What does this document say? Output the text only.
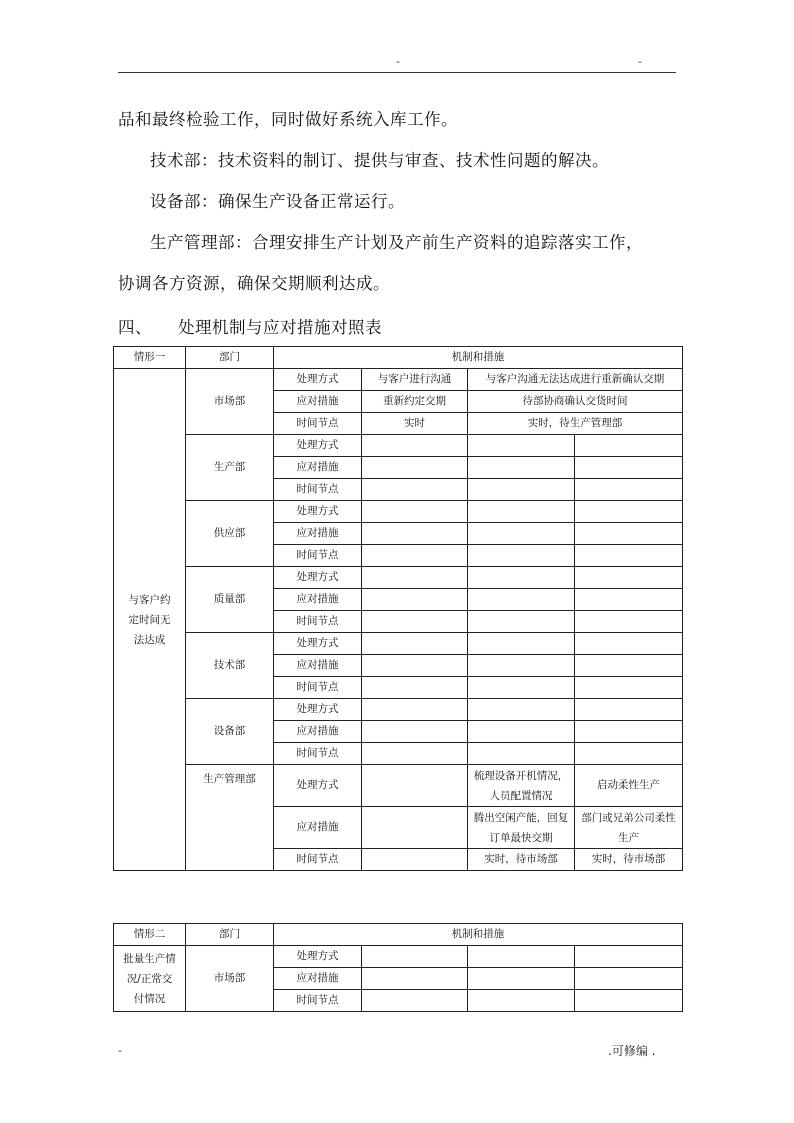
-	-
品和最终检验工作，同时做好系统入库工作。
技术部：技术资料的制订、提供与审查、技术性问题的解决。
设备部：确保生产设备正常运行。
生产管理部：合理安排生产计划及产前生产资料的追踪落实工作，
协调各方资源，确保交期顺利达成。
四、 处理机制与应对措施对照表
情形一	部门	机制和措施			
与客户约定时间无法达成	市场部	处理方式	与客户进行沟通	与客户沟通无法达成进行重新确认交期	
		应对措施	重新约定交期	待部协商确认交货时间	
		时间节点	实时	实时，待生产管理部	
	生产部	处理方式			
		应对措施			
		时间节点			
	供应部	处理方式			
		应对措施			
		时间节点			
	质量部	处理方式			
		应对措施			
		时间节点			
	技术部	处理方式			
		应对措施			
		时间节点			
	设备部	处理方式			
		应对措施			
		时间节点			
	生产管理部	处理方式		梳理设备开机情况，人员配置情况	启动柔性生产
		应对措施		腾出空闲产能，回复订单最快交期	部门或兄弟公司柔性生产
		时间节点		实时，待市场部	实时，待市场部
情形二	部门	机制和措施			
批量生产情况/正常交付情况	市场部	处理方式			
		应对措施			
		时间节点			
-	.可修编 .
